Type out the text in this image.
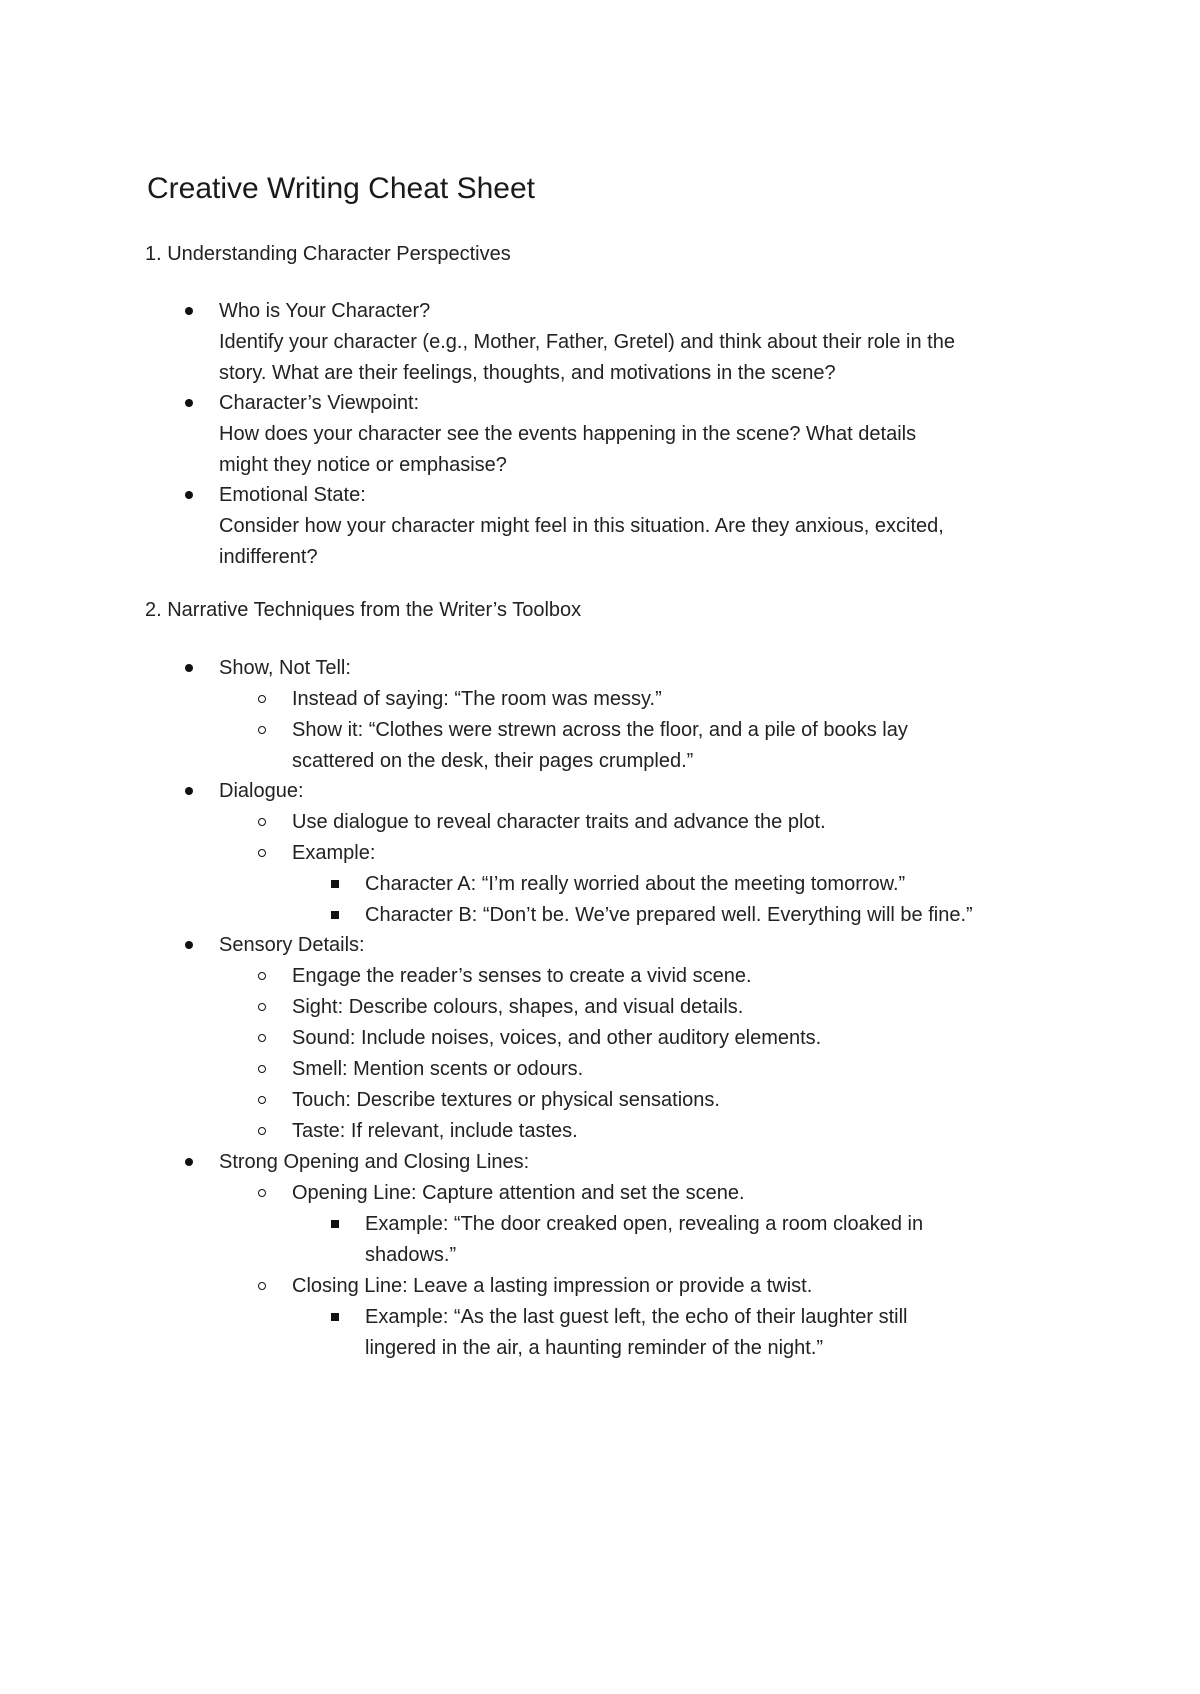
Creative Writing Cheat Sheet

1. Understanding Character Perspectives

Who is Your Character?

Identify your character (e.g., Mother, Father, Gretel) and think about their role in the

story. What are their feelings, thoughts, and motivations in the scene?

Character’s Viewpoint:

How does your character see the events happening in the scene? What details

might they notice or emphasise?

Emotional State:

Consider how your character might feel in this situation. Are they anxious, excited,

indifferent?

2. Narrative Techniques from the Writer’s Toolbox

Show, Not Tell:

Instead of saying: “The room was messy.”

Show it: “Clothes were strewn across the floor, and a pile of books lay

scattered on the desk, their pages crumpled.”

Dialogue:

Use dialogue to reveal character traits and advance the plot.

Example:

Character A: “I’m really worried about the meeting tomorrow.”

Character B: “Don’t be. We’ve prepared well. Everything will be fine.”

Sensory Details:

Engage the reader’s senses to create a vivid scene.

Sight: Describe colours, shapes, and visual details.

Sound: Include noises, voices, and other auditory elements.

Smell: Mention scents or odours.

Touch: Describe textures or physical sensations.

Taste: If relevant, include tastes.

Strong Opening and Closing Lines:

Opening Line: Capture attention and set the scene.

Example: “The door creaked open, revealing a room cloaked in

shadows.”

Closing Line: Leave a lasting impression or provide a twist.

Example: “As the last guest left, the echo of their laughter still

lingered in the air, a haunting reminder of the night.”
